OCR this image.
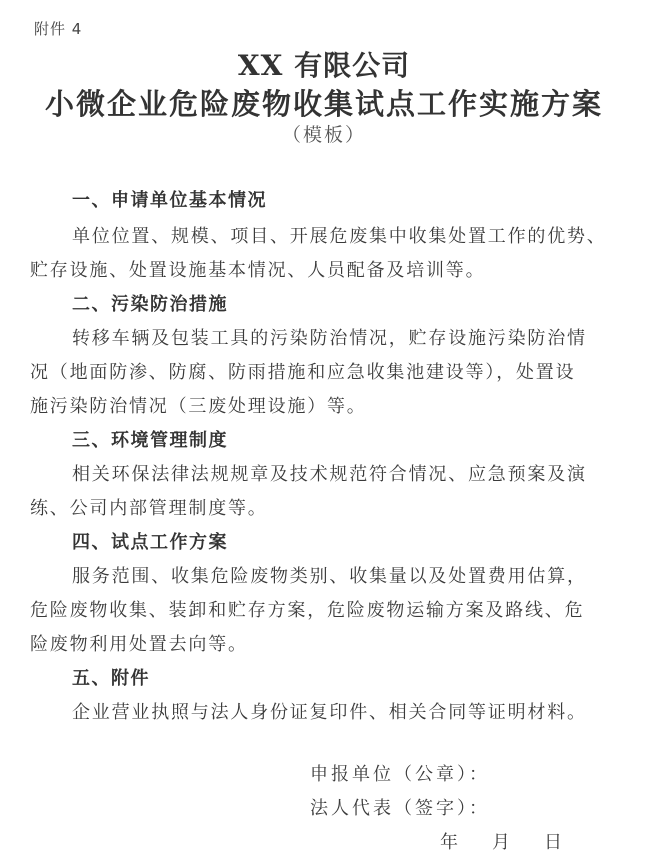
附件 4
XX 有限公司
小微企业危险废物收集试点工作实施方案
（模板）
一、申请单位基本情况
单位位置、规模、项目、开展危废集中收集处置工作的优势、
贮存设施、处置设施基本情况、人员配备及培训等。
二、污染防治措施
转移车辆及包装工具的污染防治情况，贮存设施污染防治情
况（地面防渗、防腐、防雨措施和应急收集池建设等），处置设
施污染防治情况（三废处理设施）等。
三、环境管理制度
相关环保法律法规规章及技术规范符合情况、应急预案及演
练、公司内部管理制度等。
四、试点工作方案
服务范围、收集危险废物类别、收集量以及处置费用估算，
危险废物收集、装卸和贮存方案，危险废物运输方案及路线、危
险废物利用处置去向等。
五、附件
企业营业执照与法人身份证复印件、相关合同等证明材料。
申报单位（公章）：
法人代表（签字）：
年 月 日
